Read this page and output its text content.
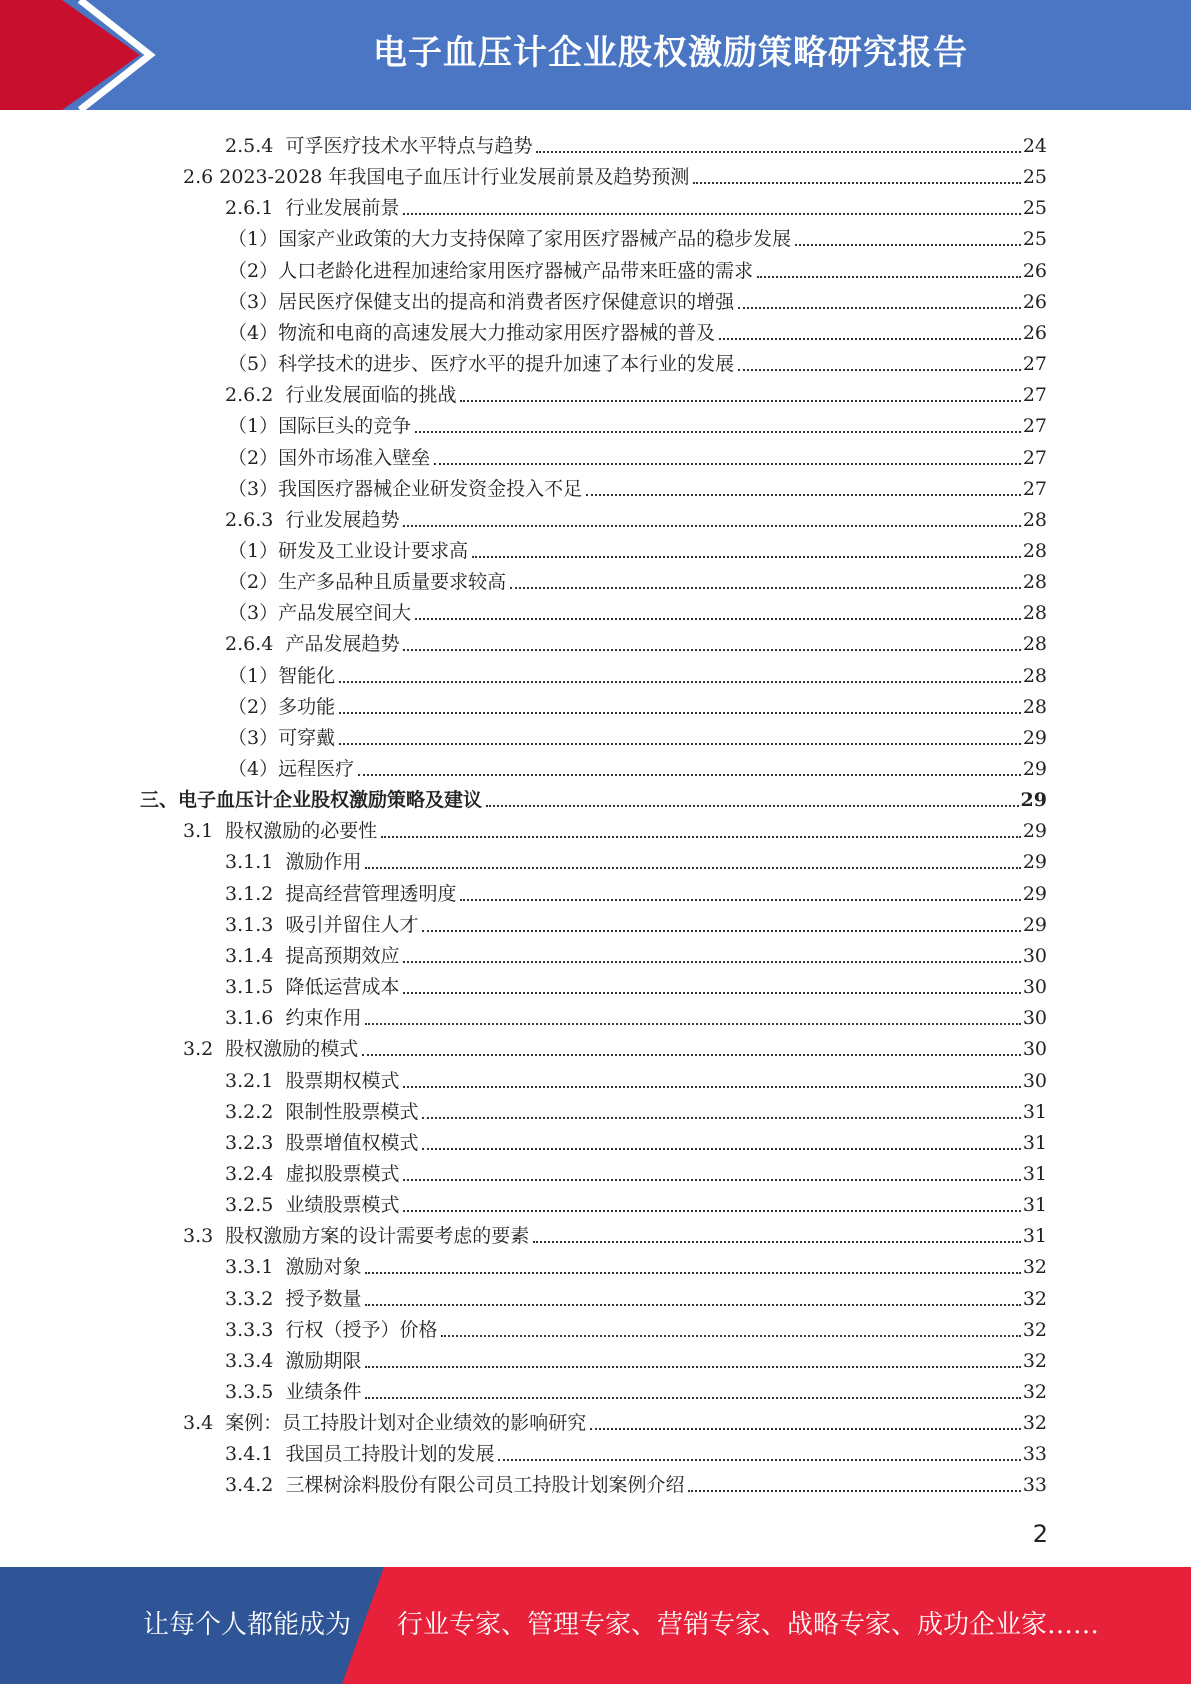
电子血压计企业股权激励策略研究报告
2.5.4 可孚医疗技术水平特点与趋势	24
2.6 2023-2028 年我国电子血压计行业发展前景及趋势预测	25
2.6.1 行业发展前景	25
（1）国家产业政策的大力支持保障了家用医疗器械产品的稳步发展	25
（2）人口老龄化进程加速给家用医疗器械产品带来旺盛的需求	26
（3）居民医疗保健支出的提高和消费者医疗保健意识的增强	26
（4）物流和电商的高速发展大力推动家用医疗器械的普及	26
（5）科学技术的进步、医疗水平的提升加速了本行业的发展	27
2.6.2 行业发展面临的挑战	27
（1）国际巨头的竞争	27
（2）国外市场准入壁垒	27
（3）我国医疗器械企业研发资金投入不足	27
2.6.3 行业发展趋势	28
（1）研发及工业设计要求高	28
（2）生产多品种且质量要求较高	28
（3）产品发展空间大	28
2.6.4 产品发展趋势	28
（1）智能化	28
（2）多功能	28
（3）可穿戴	29
（4）远程医疗	29
三、电子血压计企业股权激励策略及建议	29
3.1 股权激励的必要性	29
3.1.1 激励作用	29
3.1.2 提高经营管理透明度	29
3.1.3 吸引并留住人才	29
3.1.4 提高预期效应	30
3.1.5 降低运营成本	30
3.1.6 约束作用	30
3.2 股权激励的模式	30
3.2.1 股票期权模式	30
3.2.2 限制性股票模式	31
3.2.3 股票增值权模式	31
3.2.4 虚拟股票模式	31
3.2.5 业绩股票模式	31
3.3 股权激励方案的设计需要考虑的要素	31
3.3.1 激励对象	32
3.3.2 授予数量	32
3.3.3 行权（授予）价格	32
3.3.4 激励期限	32
3.3.5 业绩条件	32
3.4 案例：员工持股计划对企业绩效的影响研究	32
3.4.1 我国员工持股计划的发展	33
3.4.2 三棵树涂料股份有限公司员工持股计划案例介绍	33
2
让每个人都能成为 行业专家、管理专家、营销专家、战略专家、成功企业家……
